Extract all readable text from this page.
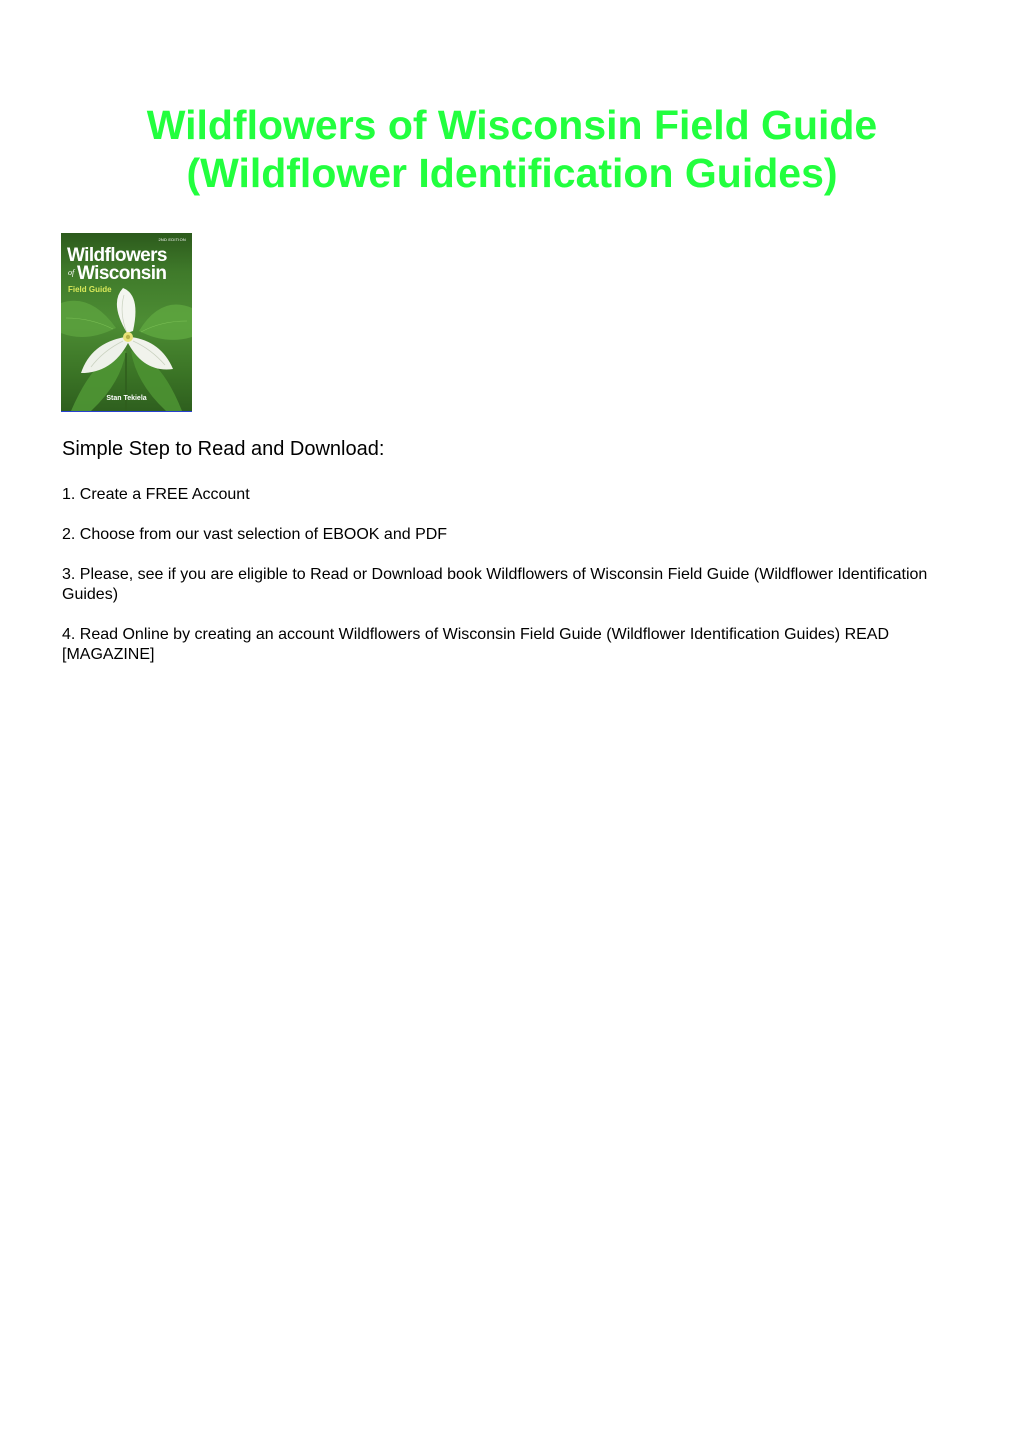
Wildflowers of Wisconsin Field Guide (Wildflower Identification Guides)
2ND EDITION
Wildflowers
of Wisconsin
Field Guide
Stan Tekiela
Simple Step to Read and Download:
1. Create a FREE Account
2. Choose from our vast selection of EBOOK and PDF
3. Please, see if you are eligible to Read or Download book Wildflowers of Wisconsin Field Guide (Wildflower Identification Guides)
4. Read Online by creating an account Wildflowers of Wisconsin Field Guide (Wildflower Identification Guides) READ [MAGAZINE]
